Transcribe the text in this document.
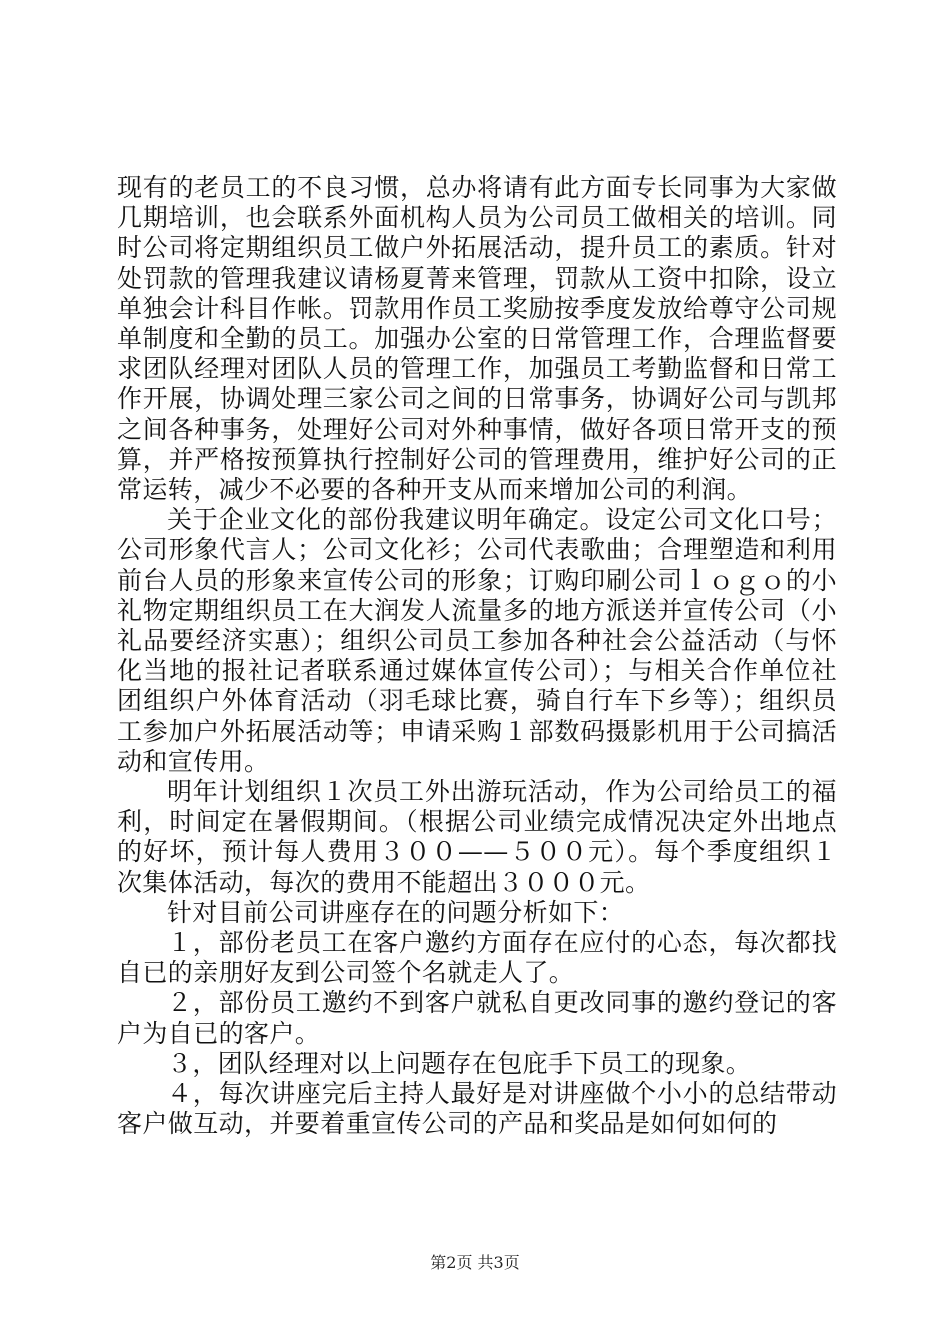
现有的老员工的不良习惯，总办将请有此方面专长同事为大家做几期培训，也会联系外面机构人员为公司员工做相关的培训。同时公司将定期组织员工做户外拓展活动，提升员工的素质。针对处罚款的管理我建议请杨夏菁来管理，罚款从工资中扣除，设立单独会计科目作帐。罚款用作员工奖励按季度发放给尊守公司规单制度和全勤的员工。加强办公室的日常管理工作，合理监督要求团队经理对团队人员的管理工作，加强员工考勤监督和日常工作开展，协调处理三家公司之间的日常事务，协调好公司与凯邦之间各种事务，处理好公司对外种事情，做好各项日常开支的预算，并严格按预算执行控制好公司的管理费用，维护好公司的正常运转，减少不必要的各种开支从而来增加公司的利润。

关于企业文化的部份我建议明年确定。设定公司文化口号；公司形象代言人；公司文化衫；公司代表歌曲；合理塑造和利用前台人员的形象来宣传公司的形象；订购印刷公司ｌｏｇｏ的小礼物定期组织员工在大润发人流量多的地方派送并宣传公司（小礼品要经济实惠）；组织公司员工参加各种社会公益活动（与怀化当地的报社记者联系通过媒体宣传公司）；与相关合作单位社团组织户外体育活动（羽毛球比赛，骑自行车下乡等）；组织员工参加户外拓展活动等；申请采购１部数码摄影机用于公司搞活动和宣传用。

明年计划组织１次员工外出游玩活动，作为公司给员工的福利，时间定在暑假期间。（根据公司业绩完成情况决定外出地点的好坏，预计每人费用３００——５００元）。每个季度组织１次集体活动，每次的费用不能超出３０００元。

针对目前公司讲座存在的问题分析如下：

１，部份老员工在客户邀约方面存在应付的心态，每次都找自已的亲朋好友到公司签个名就走人了。

２，部份员工邀约不到客户就私自更改同事的邀约登记的客户为自已的客户。

３，团队经理对以上问题存在包庇手下员工的现象。

４，每次讲座完后主持人最好是对讲座做个小小的总结带动客户做互动，并要着重宣传公司的产品和奖品是如何如何的

第2页 共3页
